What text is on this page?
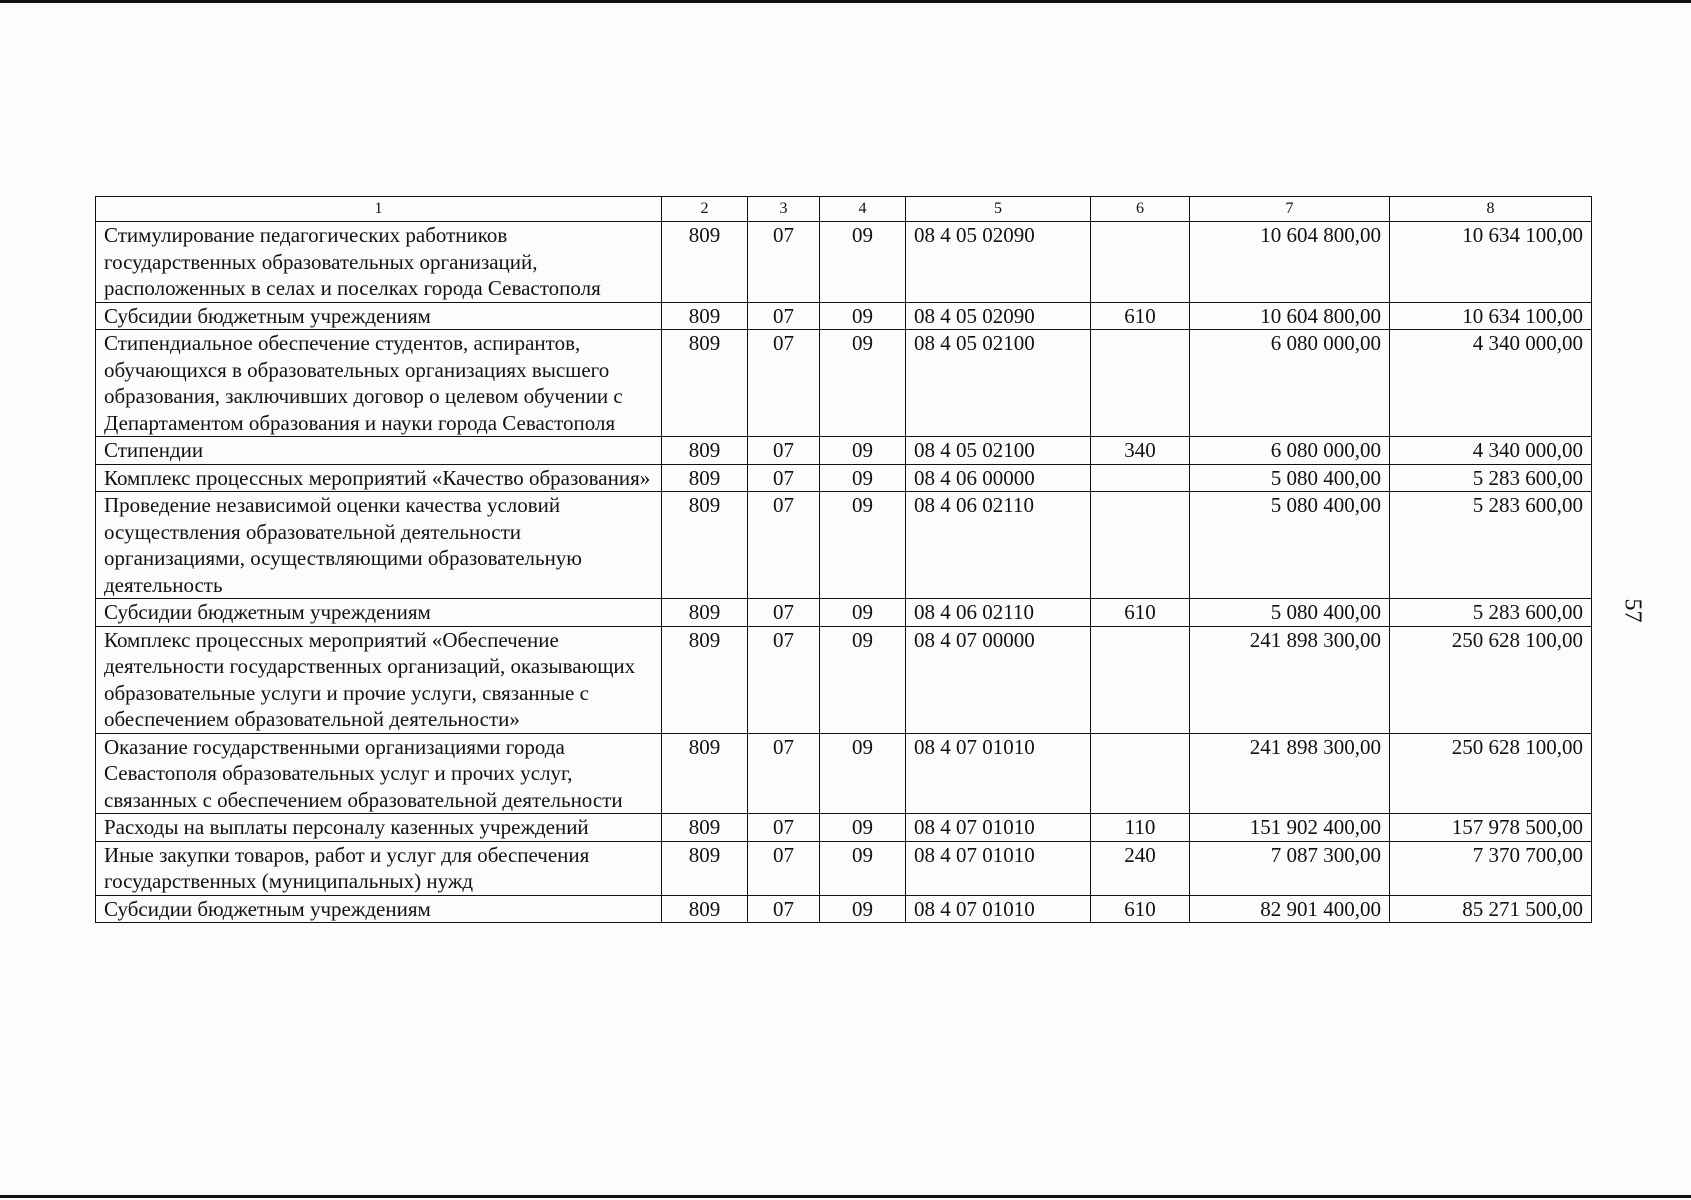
57
1	2	3	4	5	6	7	8
Стимулирование педагогических работников государственных образовательных организаций, расположенных в селах и поселках города Севастополя	809	07	09	08 4 05 02090		10 604 800,00	10 634 100,00
Субсидии бюджетным учреждениям	809	07	09	08 4 05 02090	610	10 604 800,00	10 634 100,00
Стипендиальное обеспечение студентов, аспирантов, обучающихся в образовательных организациях высшего образования, заключивших договор о целевом обучении с Департаментом образования и науки города Севастополя	809	07	09	08 4 05 02100		6 080 000,00	4 340 000,00
Стипендии	809	07	09	08 4 05 02100	340	6 080 000,00	4 340 000,00
Комплекс процессных мероприятий «Качество образования»	809	07	09	08 4 06 00000		5 080 400,00	5 283 600,00
Проведение независимой оценки качества условий осуществления образовательной деятельности организациями, осуществляющими образовательную деятельность	809	07	09	08 4 06 02110		5 080 400,00	5 283 600,00
Субсидии бюджетным учреждениям	809	07	09	08 4 06 02110	610	5 080 400,00	5 283 600,00
Комплекс процессных мероприятий «Обеспечение деятельности государственных организаций, оказывающих образовательные услуги и прочие услуги, связанные с обеспечением образовательной деятельности»	809	07	09	08 4 07 00000		241 898 300,00	250 628 100,00
Оказание государственными организациями города Севастополя образовательных услуг и прочих услуг, связанных с обеспечением образовательной деятельности	809	07	09	08 4 07 01010		241 898 300,00	250 628 100,00
Расходы на выплаты персоналу казенных учреждений	809	07	09	08 4 07 01010	110	151 902 400,00	157 978 500,00
Иные закупки товаров, работ и услуг для обеспечения государственных (муниципальных) нужд	809	07	09	08 4 07 01010	240	7 087 300,00	7 370 700,00
Субсидии бюджетным учреждениям	809	07	09	08 4 07 01010	610	82 901 400,00	85 271 500,00
